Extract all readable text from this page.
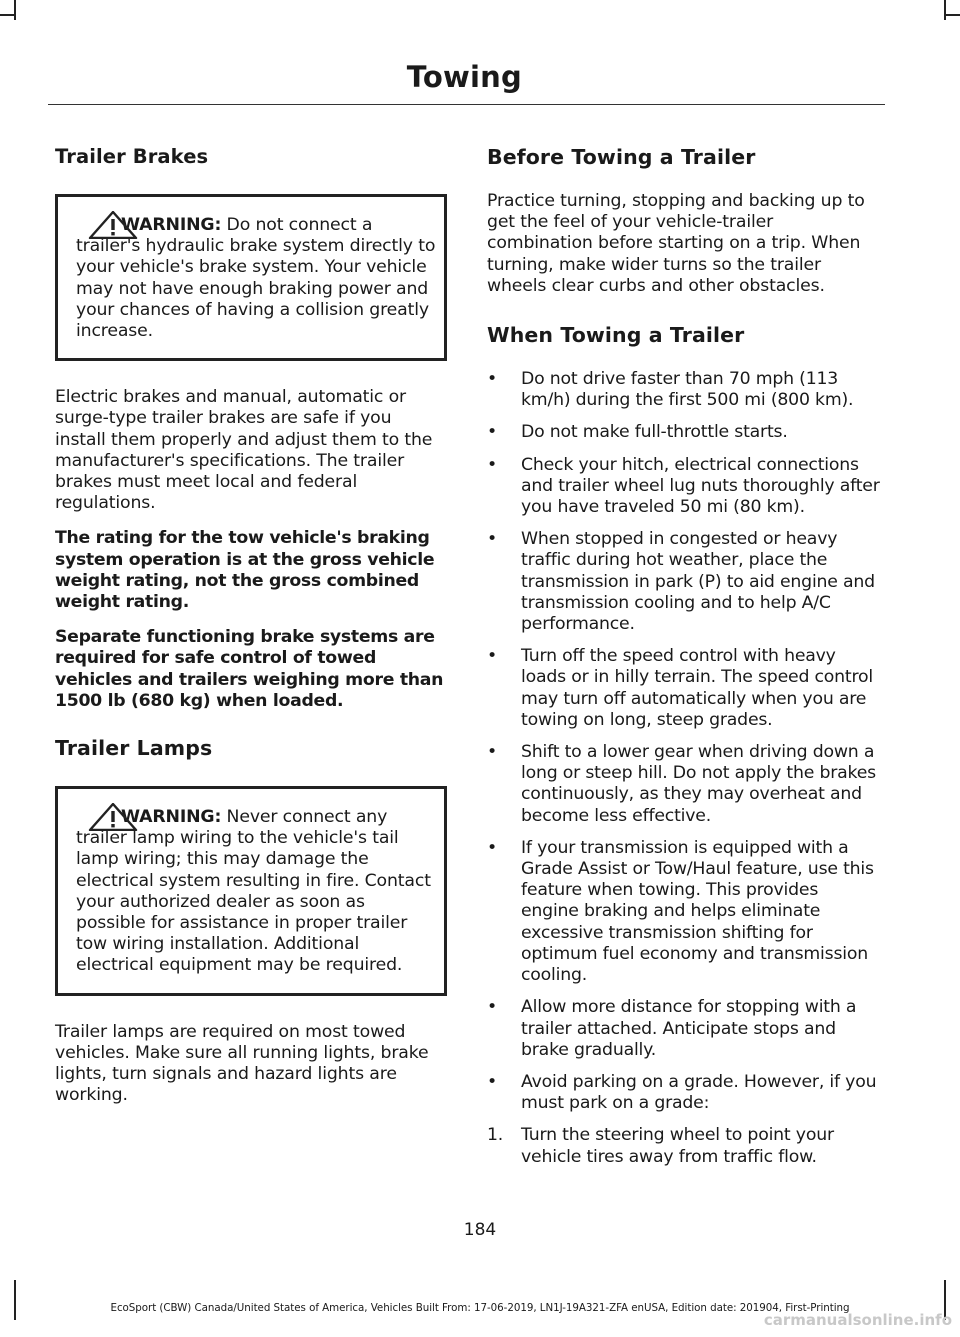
Towing
Trailer Brakes
WARNING: Do not connect a trailer's hydraulic brake system directly to your vehicle's brake system. Your vehicle may not have enough braking power and your chances of having a collision greatly increase.

Electric brakes and manual, automatic or surge-type trailer brakes are safe if you install them properly and adjust them to the manufacturer's specifications. The trailer brakes must meet local and federal regulations.

The rating for the tow vehicle's braking system operation is at the gross vehicle weight rating, not the gross combined weight rating.

Separate functioning brake systems are required for safe control of towed vehicles and trailers weighing more than 1500 lb (680 kg) when loaded.

Trailer Lamps
WARNING: Never connect any trailer lamp wiring to the vehicle's tail lamp wiring; this may damage the electrical system resulting in fire. Contact your authorized dealer as soon as possible for assistance in proper trailer tow wiring installation. Additional electrical equipment may be required.

Trailer lamps are required on most towed vehicles. Make sure all running lights, brake lights, turn signals and hazard lights are working.

Before Towing a Trailer

Practice turning, stopping and backing up to get the feel of your vehicle-trailer combination before starting on a trip. When turning, make wider turns so the trailer wheels clear curbs and other obstacles.

When Towing a Trailer
• Do not drive faster than 70 mph (113 km/h) during the first 500 mi (800 km).
• Do not make full-throttle starts.
• Check your hitch, electrical connections and trailer wheel lug nuts thoroughly after you have traveled 50 mi (80 km).
• When stopped in congested or heavy traffic during hot weather, place the transmission in park (P) to aid engine and transmission cooling and to help A/C performance.
• Turn off the speed control with heavy loads or in hilly terrain. The speed control may turn off automatically when you are towing on long, steep grades.
• Shift to a lower gear when driving down a long or steep hill. Do not apply the brakes continuously, as they may overheat and become less effective.
• If your transmission is equipped with a Grade Assist or Tow/Haul feature, use this feature when towing. This provides engine braking and helps eliminate excessive transmission shifting for optimum fuel economy and transmission cooling.
• Allow more distance for stopping with a trailer attached. Anticipate stops and brake gradually.
• Avoid parking on a grade. However, if you must park on a grade:
1. Turn the steering wheel to point your vehicle tires away from traffic flow.
184
EcoSport (CBW) Canada/United States of America, Vehicles Built From: 17-06-2019, LN1J-19A321-ZFA enUSA, Edition date: 201904, First-Printing
carmanualsonline.info
